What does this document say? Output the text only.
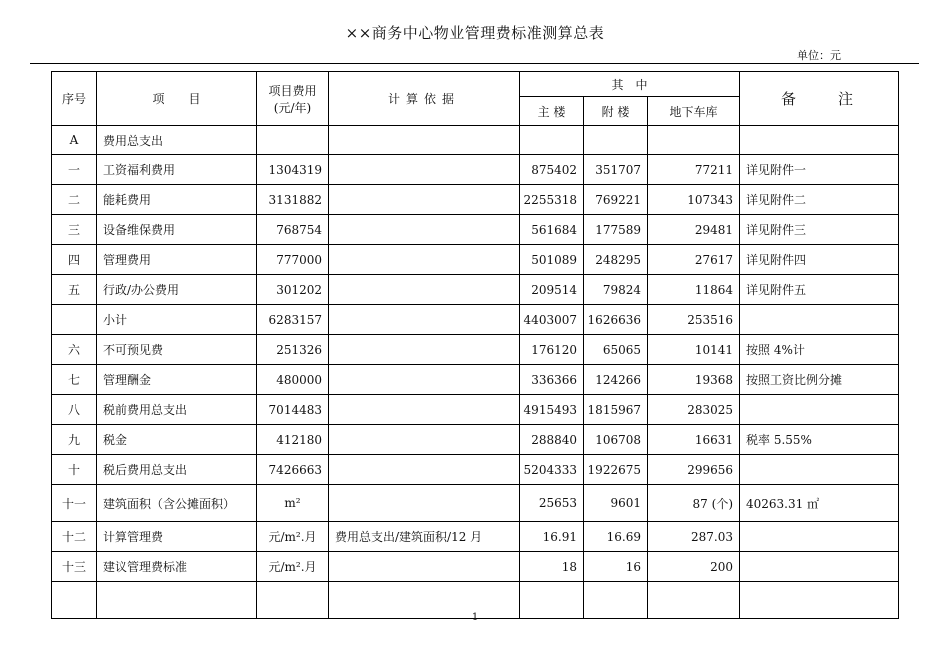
××商务中心物业管理费标准测算总表
单位：元
序号	项　　目	项目费用
(元/年)	计算依据	其　中			备　　注
				主 楼	附 楼	地下车库	
A	费用总支出						
一	工资福利费用	1304319		875402	351707	77211	详见附件一
二	能耗费用	3131882		2255318	769221	107343	详见附件二
三	设备维保费用	768754		561684	177589	29481	详见附件三
四	管理费用	777000		501089	248295	27617	详见附件四
五	行政/办公费用	301202		209514	79824	11864	详见附件五
	小计	6283157		4403007	1626636	253516	
六	不可预见费	251326		176120	65065	10141	按照 4%计
七	管理酬金	480000		336366	124266	19368	按照工资比例分摊
八	税前费用总支出	7014483		4915493	1815967	283025	
九	税金	412180		288840	106708	16631	税率 5.55%
十	税后费用总支出	7426663		5204333	1922675	299656	
十一	建筑面积（含公摊面积）	m²		25653	9601	87 (个)	40263.31 ㎡
十二	计算管理费	元/m².月	费用总支出/建筑面积/12 月	16.91	16.69	287.03	
十三	建议管理费标准	元/m².月		18	16	200	

1
